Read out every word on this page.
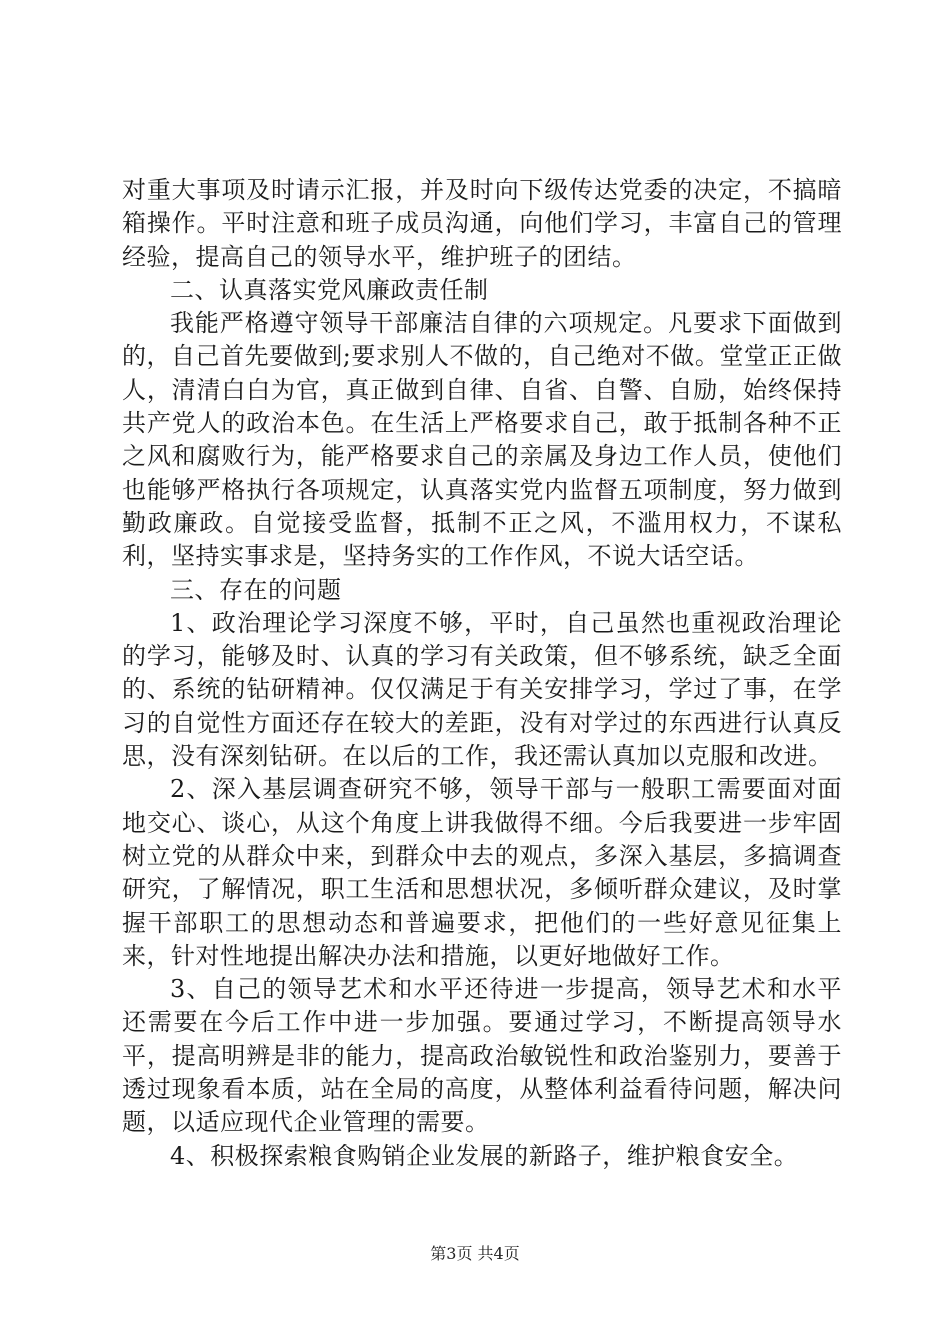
对重大事项及时请示汇报，并及时向下级传达党委的决定，不搞暗箱操作。平时注意和班子成员沟通，向他们学习，丰富自己的管理经验，提高自己的领导水平，维护班子的团结。

二、认真落实党风廉政责任制

我能严格遵守领导干部廉洁自律的六项规定。凡要求下面做到的，自己首先要做到;要求别人不做的，自己绝对不做。堂堂正正做人，清清白白为官，真正做到自律、自省、自警、自励，始终保持共产党人的政治本色。在生活上严格要求自己，敢于抵制各种不正之风和腐败行为，能严格要求自己的亲属及身边工作人员，使他们也能够严格执行各项规定，认真落实党内监督五项制度，努力做到勤政廉政。自觉接受监督，抵制不正之风，不滥用权力，不谋私利，坚持实事求是，坚持务实的工作作风，不说大话空话。

三、存在的问题

1、政治理论学习深度不够，平时，自己虽然也重视政治理论的学习，能够及时、认真的学习有关政策，但不够系统，缺乏全面的、系统的钻研精神。仅仅满足于有关安排学习，学过了事，在学习的自觉性方面还存在较大的差距，没有对学过的东西进行认真反思，没有深刻钻研。在以后的工作，我还需认真加以克服和改进。

2、深入基层调查研究不够，领导干部与一般职工需要面对面地交心、谈心，从这个角度上讲我做得不细。今后我要进一步牢固树立党的从群众中来，到群众中去的观点，多深入基层，多搞调查研究，了解情况，职工生活和思想状况，多倾听群众建议，及时掌握干部职工的思想动态和普遍要求，把他们的一些好意见征集上来，针对性地提出解决办法和措施，以更好地做好工作。

3、自己的领导艺术和水平还待进一步提高，领导艺术和水平还需要在今后工作中进一步加强。要通过学习，不断提高领导水平，提高明辨是非的能力，提高政治敏锐性和政治鉴别力，要善于透过现象看本质，站在全局的高度，从整体利益看待问题，解决问题，以适应现代企业管理的需要。

4、积极探索粮食购销企业发展的新路子，维护粮食安全。

第3页 共4页
